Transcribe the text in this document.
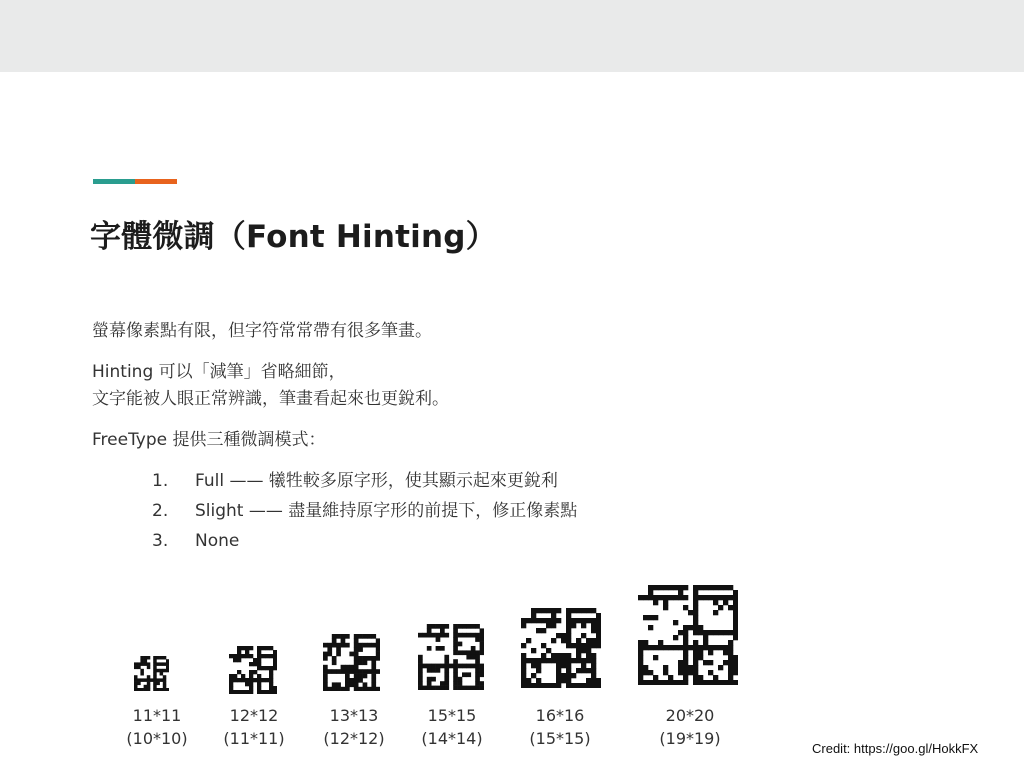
字體微調（Font Hinting）

螢幕像素點有限，但字符常常帶有很多筆畫。

Hinting 可以「減筆」省略細節，
文字能被人眼正常辨識，筆畫看起來也更銳利。

FreeType 提供三種微調模式：

1.	Full —— 犧牲較多原字形，使其顯示起來更銳利
2.	Slight —— 盡量維持原字形的前提下，修正像素點
3.	None
11*11
(10*10)
12*12
(11*11)
13*13
(12*12)
15*15
(14*14)
16*16
(15*15)
20*20
(19*19)
Credit: https://goo.gl/HokkFX
